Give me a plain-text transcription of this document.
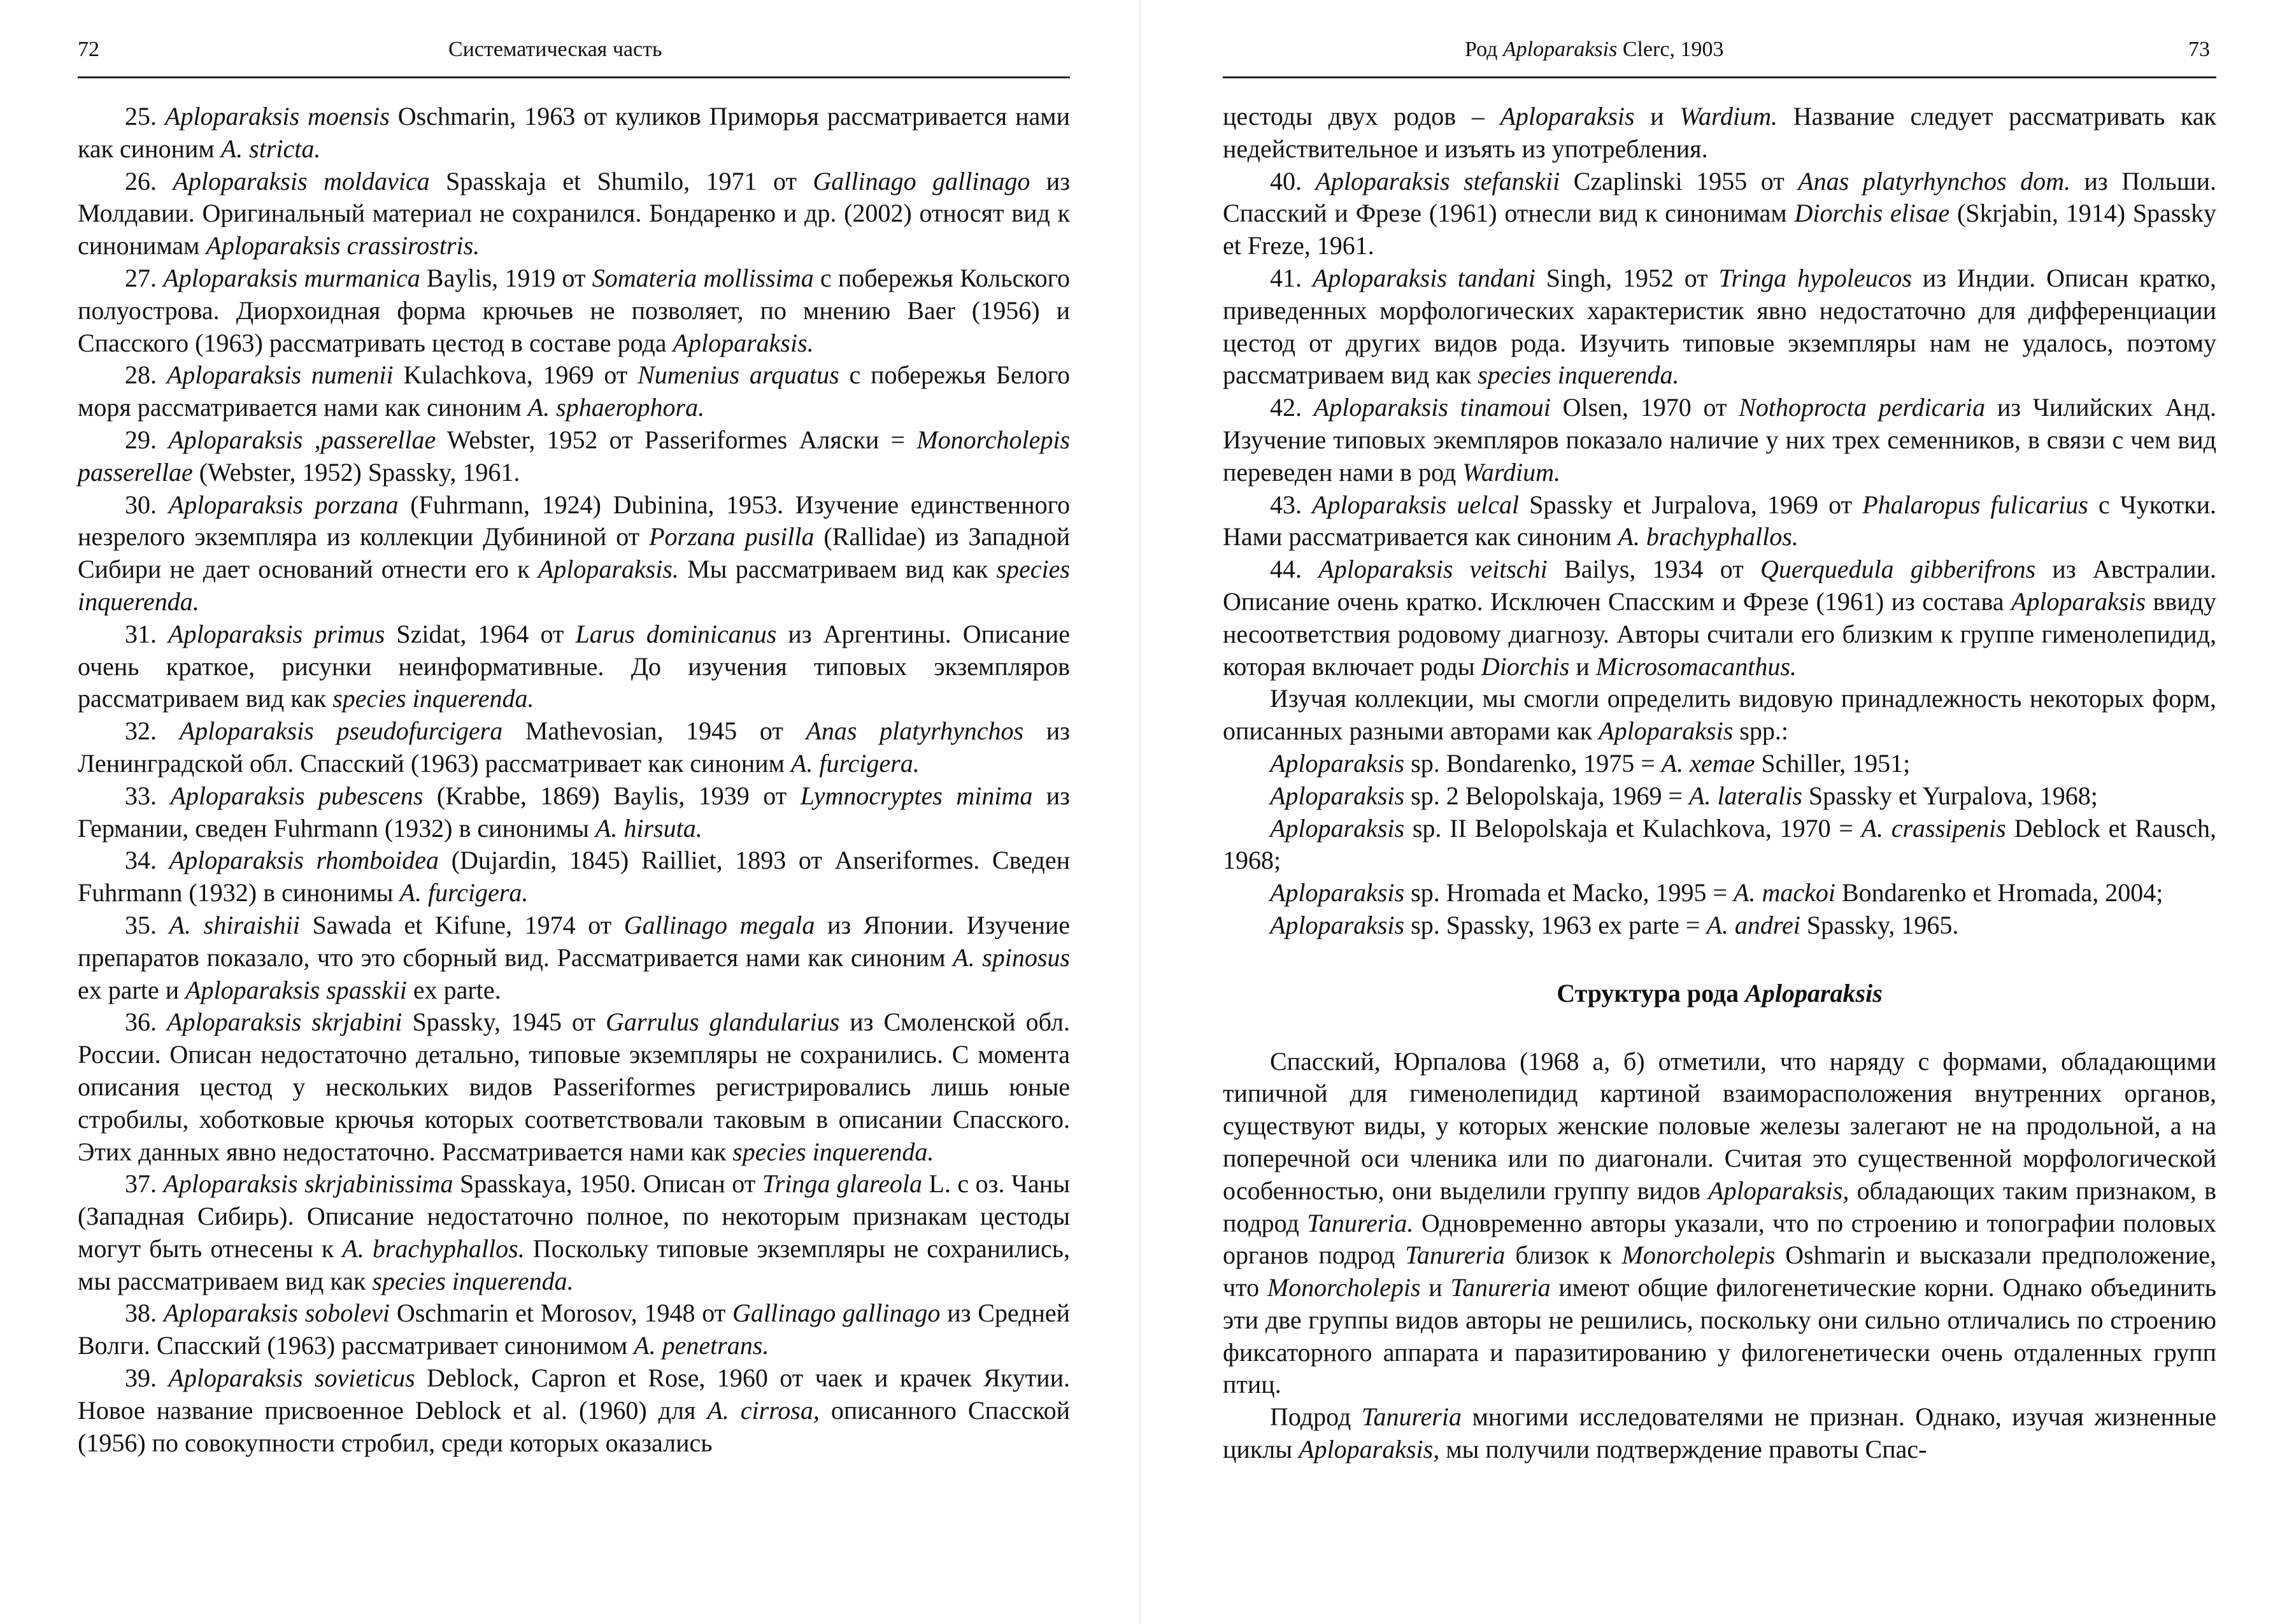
72	Систематическая часть

25. Aploparaksis moensis Oschmarin, 1963 от куликов Приморья рассматривается нами как синоним A. stricta.

26. Aploparaksis moldavica Spasskaja et Shumilo, 1971 от Gallinago gallinago из Молдавии. Оригинальный материал не сохранился. Бондаренко и др. (2002) относят вид к синонимам Aploparaksis crassirostris.

27. Aploparaksis murmanica Baylis, 1919 от Somateria mollissima с побережья Кольского полуострова. Диорхоидная форма крючьев не позволяет, по мнению Baer (1956) и Спасского (1963) рассматривать цестод в составе рода Aploparaksis.

28. Aploparaksis numenii Kulachkova, 1969 от Numenius arquatus с побережья Белого моря рассматривается нами как синоним A. sphaerophora.

29. Aploparaksis ,passerellae Webster, 1952 от Passeriformes Аляски = Monorcholepis passerellae (Webster, 1952) Spassky, 1961.

30. Aploparaksis porzana (Fuhrmann, 1924) Dubinina, 1953. Изучение единственного незрелого экземпляра из коллекции Дубининой от Porzana pusilla (Rallidae) из Западной Сибири не дает оснований отнести его к Aploparaksis. Мы рассматриваем вид как species inquerenda.

31. Aploparaksis primus Szidat, 1964 от Larus dominicanus из Аргентины. Описание очень краткое, рисунки неинформативные. До изучения типовых экземпляров рассматриваем вид как species inquerenda.

32. Aploparaksis pseudofurcigera Mathevosian, 1945 от Anas platyrhynchos из Ленинградской обл. Спасский (1963) рассматривает как синоним A. furcigera.

33. Aploparaksis pubescens (Krabbe, 1869) Baylis, 1939 от Lymnocryptes minima из Германии, сведен Fuhrmann (1932) в синонимы A. hirsuta.

34. Aploparaksis rhomboidea (Dujardin, 1845) Railliet, 1893 от Anseriformes. Сведен Fuhrmann (1932) в синонимы A. furcigera.

35. A. shiraishii Sawada et Kifune, 1974 от Gallinago megala из Японии. Изучение препаратов показало, что это сборный вид. Рассматривается нами как синоним A. spinosus ex parte и Aploparaksis spasskii ex parte.

36. Aploparaksis skrjabini Spassky, 1945 от Garrulus glandularius из Смоленской обл. России. Описан недостаточно детально, типовые экземпляры не сохранились. С момента описания цестод у нескольких видов Passeriformes регистрировались лишь юные стробилы, хоботковые крючья которых соответствовали таковым в описании Спасского. Этих данных явно недостаточно. Рассматривается нами как species inquerenda.

37. Aploparaksis skrjabinissima Spasskaya, 1950. Описан от Tringa glareola L. с оз. Чаны (Западная Сибирь). Описание недостаточно полное, по некоторым признакам цестоды могут быть отнесены к A. brachyphallos. Поскольку типовые экземпляры не сохранились, мы рассматриваем вид как species inquerenda.

38. Aploparaksis sobolevi Oschmarin et Morosov, 1948 от Gallinago gallinago из Средней Волги. Спасский (1963) рассматривает синонимом A. penetrans.

39. Aploparaksis sovieticus Deblock, Capron et Rose, 1960 от чаек и крачек Якутии. Новое название присвоенное Deblock et al. (1960) для A. cirrosa, описанного Спасской (1956) по совокупности стробил, среди которых оказались

Род Aploparaksis Clerc, 1903	73

цестоды двух родов – Aploparaksis и Wardium. Название следует рассматривать как недействительное и изъять из употребления.

40. Aploparaksis stefanskii Czaplinski 1955 от Anas platyrhynchos dom. из Польши. Спасский и Фрезе (1961) отнесли вид к синонимам Diorchis elisae (Skrjabin, 1914) Spassky et Freze, 1961.

41. Aploparaksis tandani Singh, 1952 от Tringa hypoleucos из Индии. Описан кратко, приведенных морфологических характеристик явно недостаточно для дифференциации цестод от других видов рода. Изучить типовые экземпляры нам не удалось, поэтому рассматриваем вид как species inquerenda.

42. Aploparaksis tinamoui Olsen, 1970 от Nothoprocta perdicaria из Чилийских Анд. Изучение типовых экемпляров показало наличие у них трех семенников, в связи с чем вид переведен нами в род Wardium.

43. Aploparaksis uelcal Spassky et Jurpalova, 1969 от Phalaropus fulicarius с Чукотки. Нами рассматривается как синоним A. brachyphallos.

44. Aploparaksis veitschi Bailys, 1934 от Querquedula gibberifrons из Австралии. Описание очень кратко. Исключен Спасским и Фрезе (1961) из состава Aploparaksis ввиду несоответствия родовому диагнозу. Авторы считали его близким к группе гименолепидид, которая включает роды Diorchis и Microsomacanthus.

Изучая коллекции, мы смогли определить видовую принадлежность некоторых форм, описанных разными авторами как Aploparaksis spp.:

Aploparaksis sp. Bondarenko, 1975 = A. xemae Schiller, 1951;

Aploparaksis sp. 2 Belopolskaja, 1969 = A. lateralis Spassky et Yurpalova, 1968;

Aploparaksis sp. II Belopolskaja et Kulachkova, 1970 = A. crassipenis Deblock et Rausch, 1968;

Aploparaksis sp. Hromada et Macko, 1995 = A. mackoi Bondarenko et Hromada, 2004;

Aploparaksis sp. Spassky, 1963 ex parte = A. andrei Spassky, 1965.

Структура рода Aploparaksis

Спасский, Юрпалова (1968 а, б) отметили, что наряду с формами, обладающими типичной для гименолепидид картиной взаиморасположения внутренних органов, существуют виды, у которых женские половые железы залегают не на продольной, а на поперечной оси членика или по диагонали. Считая это существенной морфологической особенностью, они выделили группу видов Aploparaksis, обладающих таким признаком, в подрод Tanureria. Одновременно авторы указали, что по строению и топографии половых органов подрод Tanureria близок к Monorcholepis Oshmarin и высказали предположение, что Monorcholepis и Tanureria имеют общие филогенетические корни. Однако объединить эти две группы видов авторы не решились, поскольку они сильно отличались по строению фиксаторного аппарата и паразитированию у филогенетически очень отдаленных групп птиц.

Подрод Tanureria многими исследователями не признан. Однако, изучая жизненные циклы Aploparaksis, мы получили подтверждение правоты Спас-
